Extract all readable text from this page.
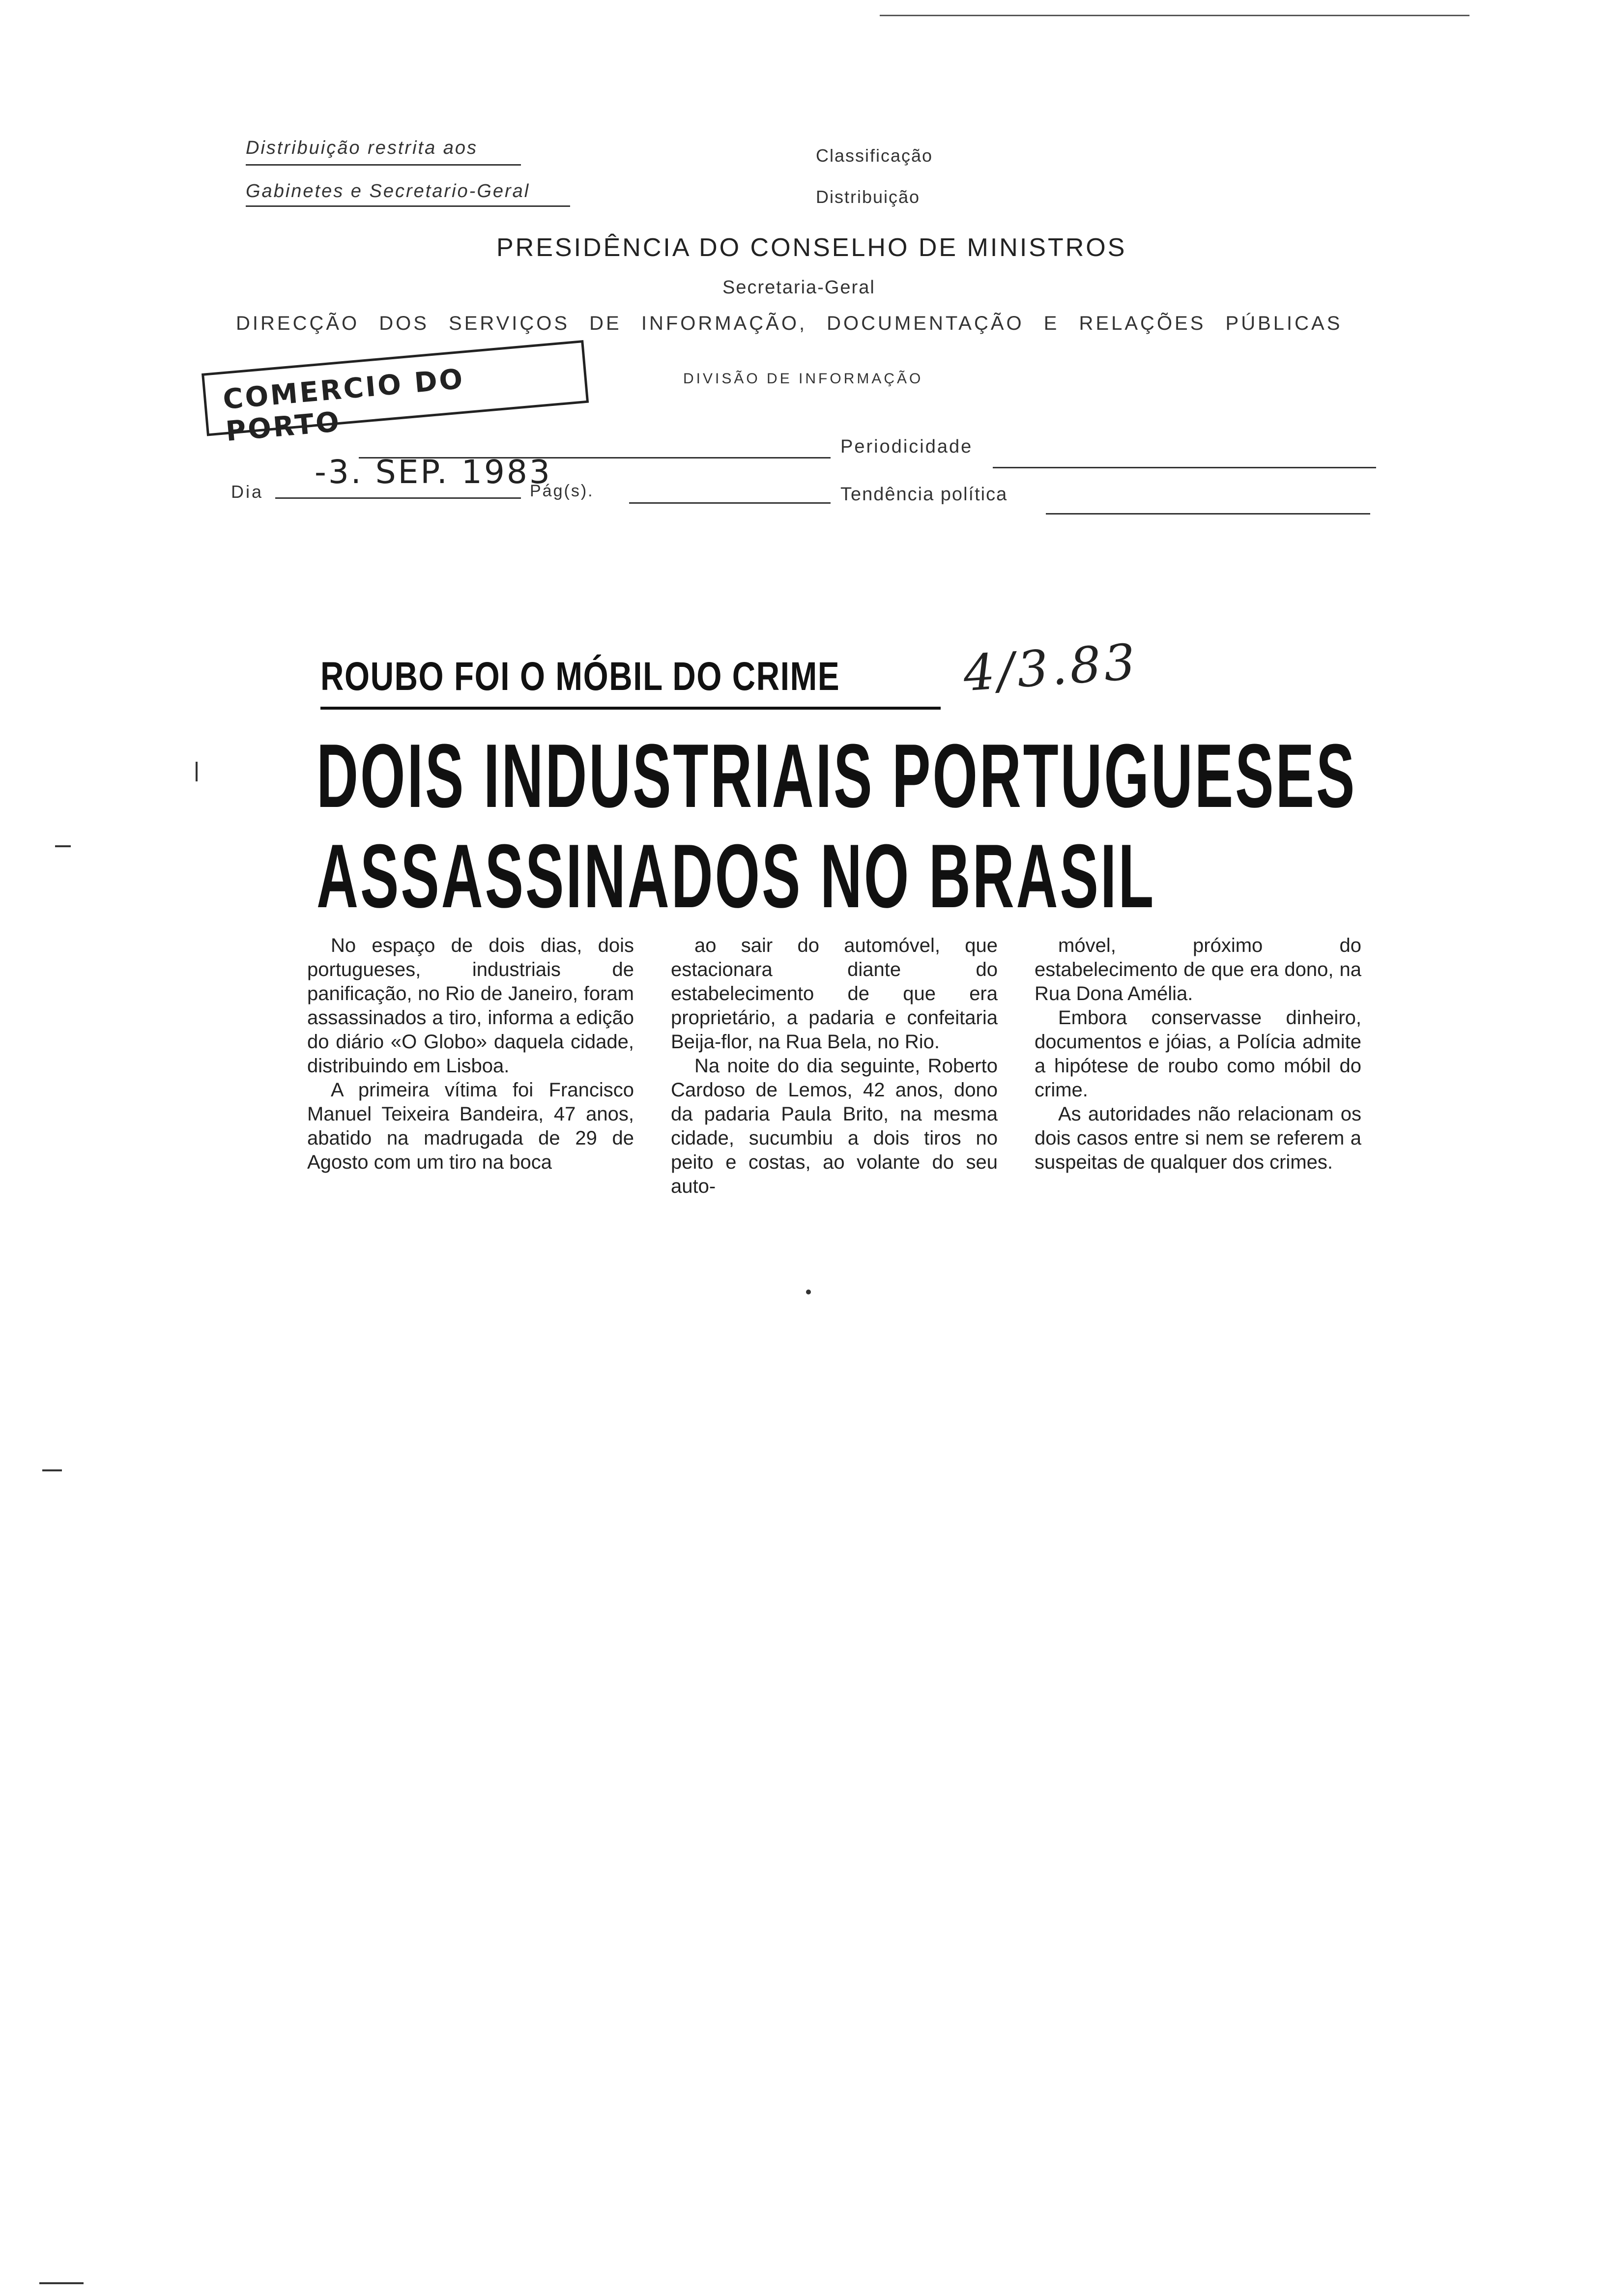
Distribuição restrita aos
Gabinetes e Secretario-Geral
Classificação
Distribuição
PRESIDÊNCIA DO CONSELHO DE MINISTROS
Secretaria-Geral
DIRECÇÃO DOS SERVIÇOS DE INFORMAÇÃO, DOCUMENTAÇÃO E RELAÇÕES PÚBLICAS
DIVISÃO DE INFORMAÇÃO
COMERCIO DO PORTO	Periodicidade
Dia
-3. SEP. 1983
Pág(s).	Tendência política
ROUBO FOI O MÓBIL DO CRIME 4/3.83
DOIS INDUSTRIAIS PORTUGUESES
ASSASSINADOS NO BRASIL

No espaço de dois dias, dois portugueses, industriais de panificação, no Rio de Janeiro, foram assassinados a tiro, informa a edição do diário «O Globo» daquela cidade, distribuindo em Lisboa.

A primeira vítima foi Francisco Manuel Teixeira Bandeira, 47 anos, abatido na madrugada de 29 de Agosto com um tiro na boca

ao sair do automóvel, que estacionara diante do estabelecimento de que era proprietário, a padaria e confeitaria Beija-flor, na Rua Bela, no Rio.

Na noite do dia seguinte, Roberto Cardoso de Lemos, 42 anos, dono da padaria Paula Brito, na mesma cidade, sucumbiu a dois tiros no peito e costas, ao volante do seu auto-

móvel, próximo do estabelecimento de que era dono, na Rua Dona Amélia.

Embora conservasse dinheiro, documentos e jóias, a Polícia admite a hipótese de roubo como móbil do crime.

As autoridades não relacionam os dois casos entre si nem se referem a suspeitas de qualquer dos crimes.
